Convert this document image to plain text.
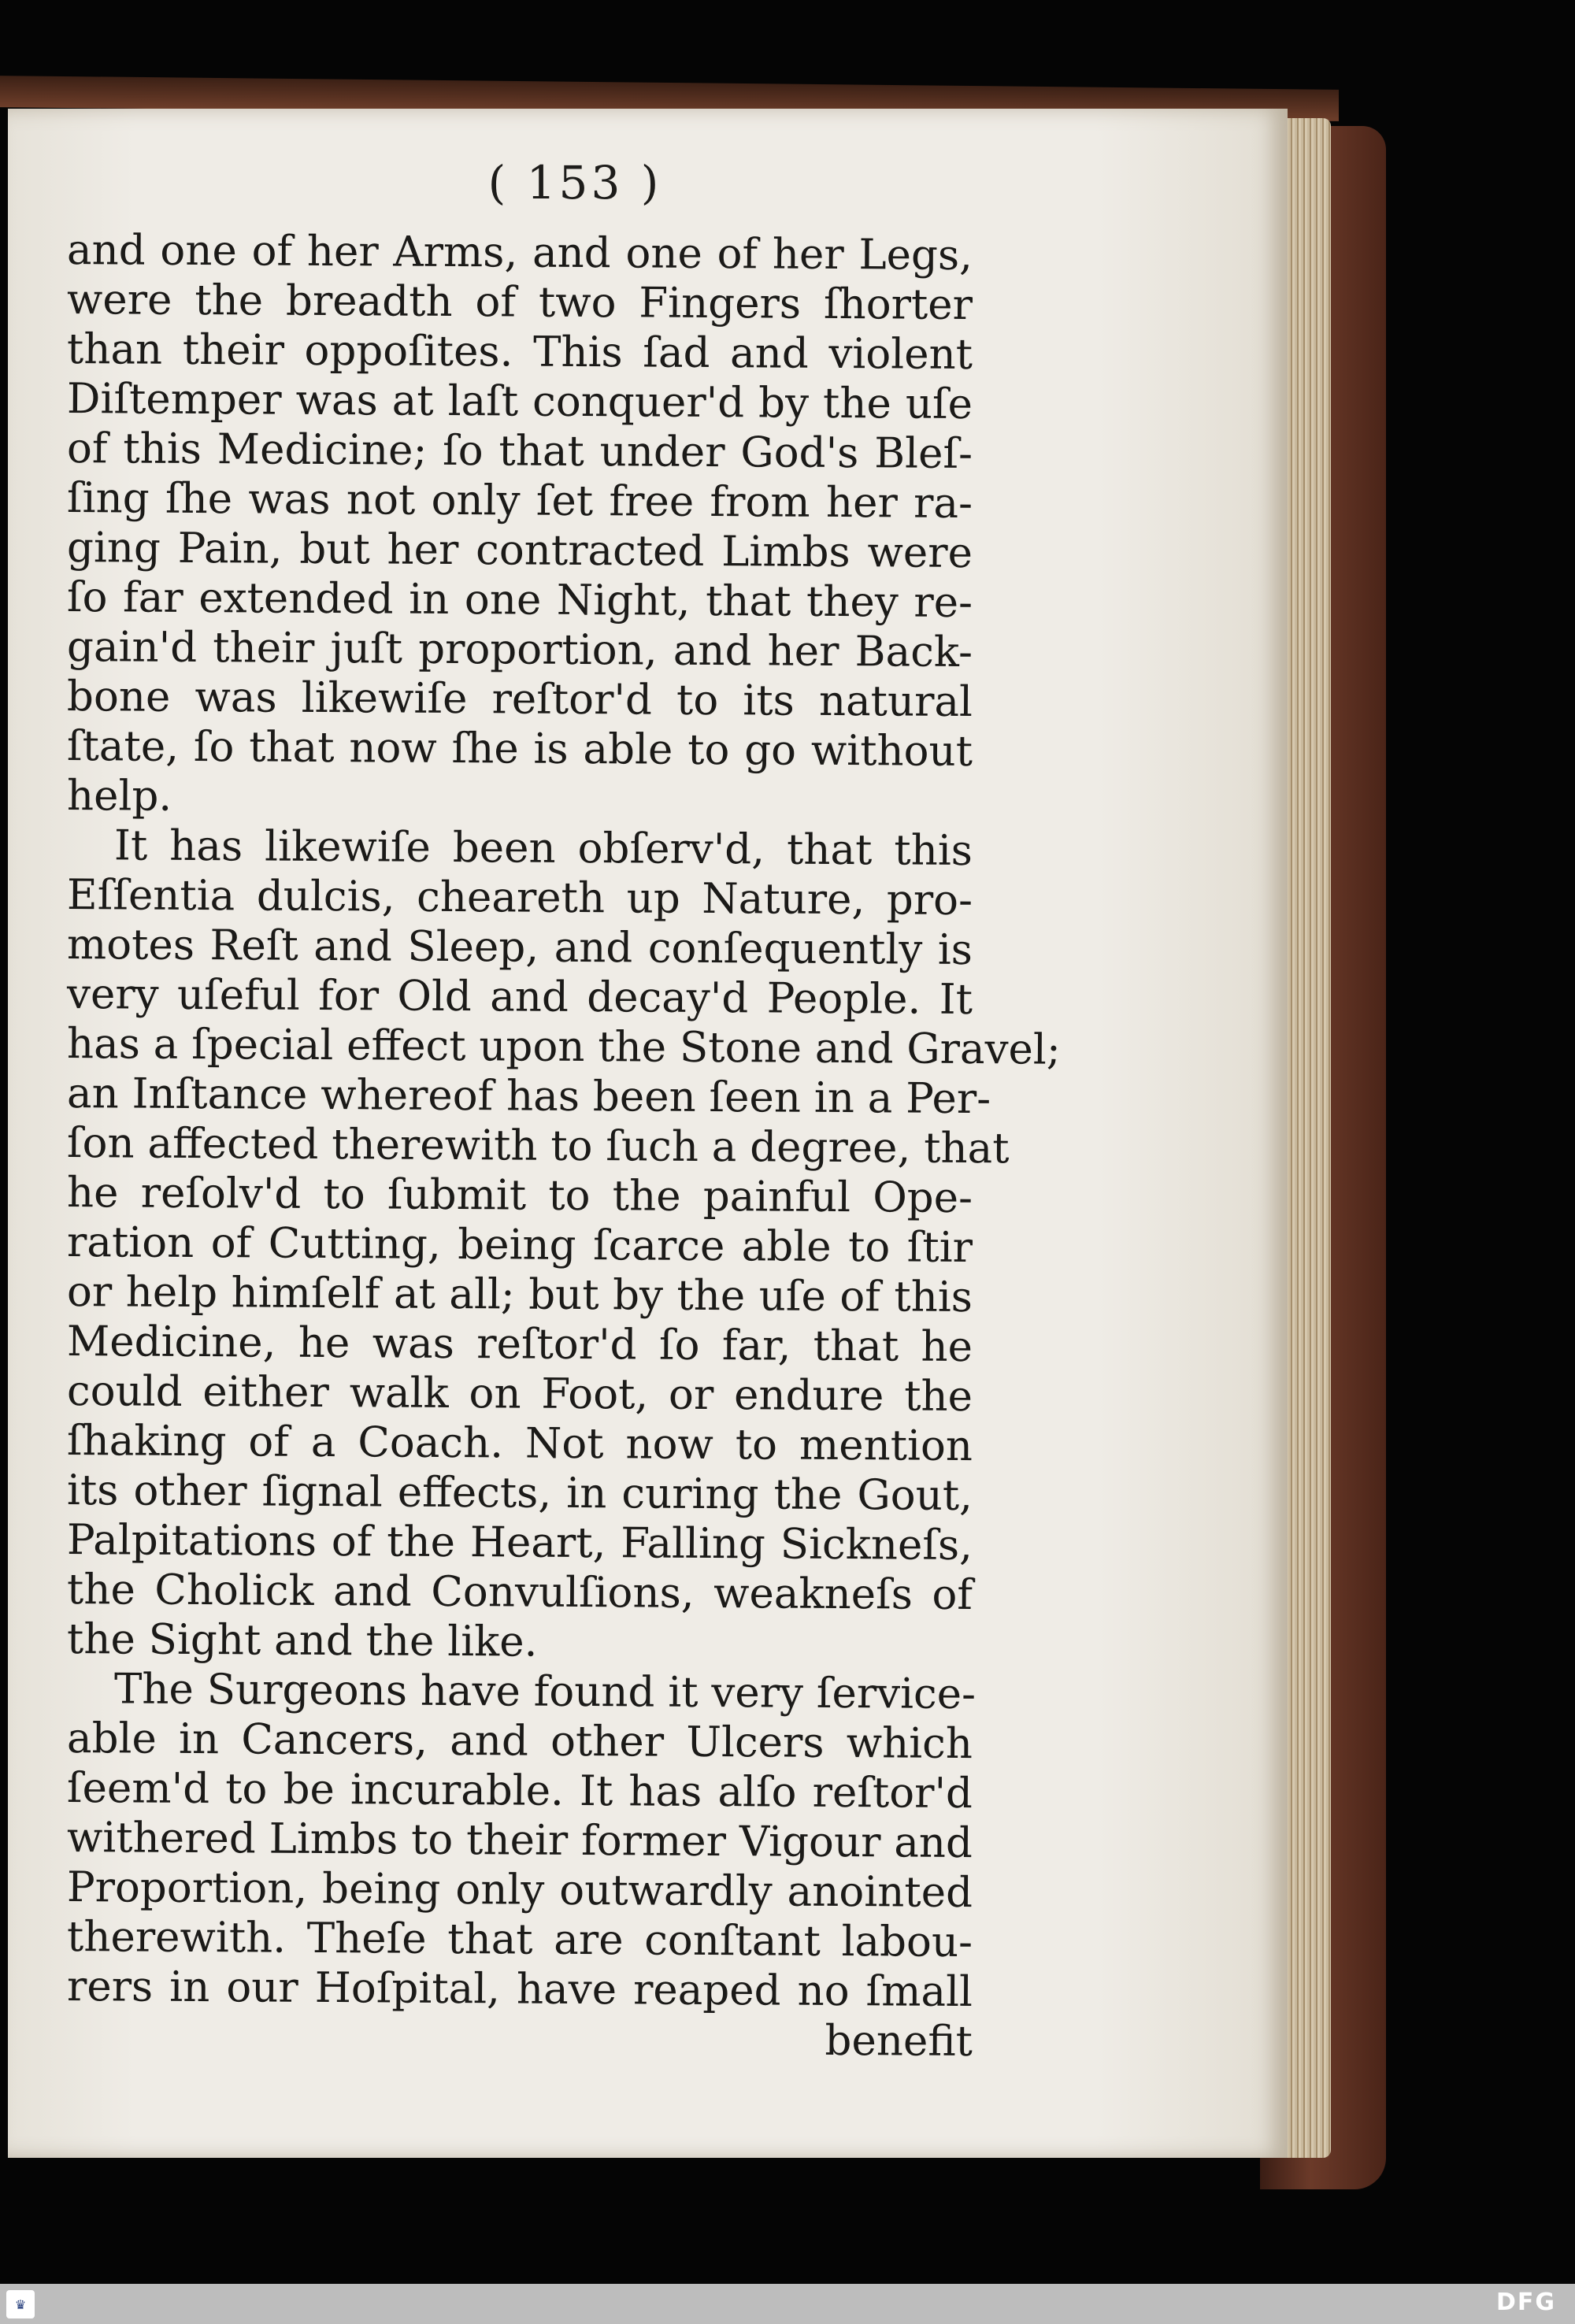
( 153 )
and one of her Arms, and one of her Legs,
were the breadth of two Fingers ſhorter
than their oppoſites. This ſad and violent
Diſtemper was at laſt conquer'd by the uſe
of this Medicine; ſo that under God's Bleſ-
ſing ſhe was not only ſet free from her ra-
ging Pain, but her contracted Limbs were
ſo far extended in one Night, that they re-
gain'd their juſt proportion, and her Back-
bone was likewiſe reſtor'd to its natural
ſtate, ſo that now ſhe is able to go without
help.
It has likewiſe been obſerv'd, that this
Eſſentia dulcis, cheareth up Nature, pro-
motes Reſt and Sleep, and conſequently is
very uſeful for Old and decay'd People. It
has a ſpecial effect upon the Stone and Gravel;
an Inſtance whereof has been ſeen in a Per-
ſon affected therewith to ſuch a degree, that
he reſolv'd to ſubmit to the painful Ope-
ration of Cutting, being ſcarce able to ſtir
or help himſelf at all; but by the uſe of this
Medicine, he was reſtor'd ſo far, that he
could either walk on Foot, or endure the
ſhaking of a Coach. Not now to mention
its other ſignal effects, in curing the Gout,
Palpitations of the Heart, Falling Sickneſs,
the Cholick and Convulſions, weakneſs of
the Sight and the like.
The Surgeons have found it very ſervice-
able in Cancers, and other Ulcers which
ſeem'd to be incurable. It has alſo reſtor'd
withered Limbs to their former Vigour and
Proportion, being only outwardly anointed
therewith. Theſe that are conſtant labou-
rers in our Hoſpital, have reaped no ſmall
benefit
♛	DFG
